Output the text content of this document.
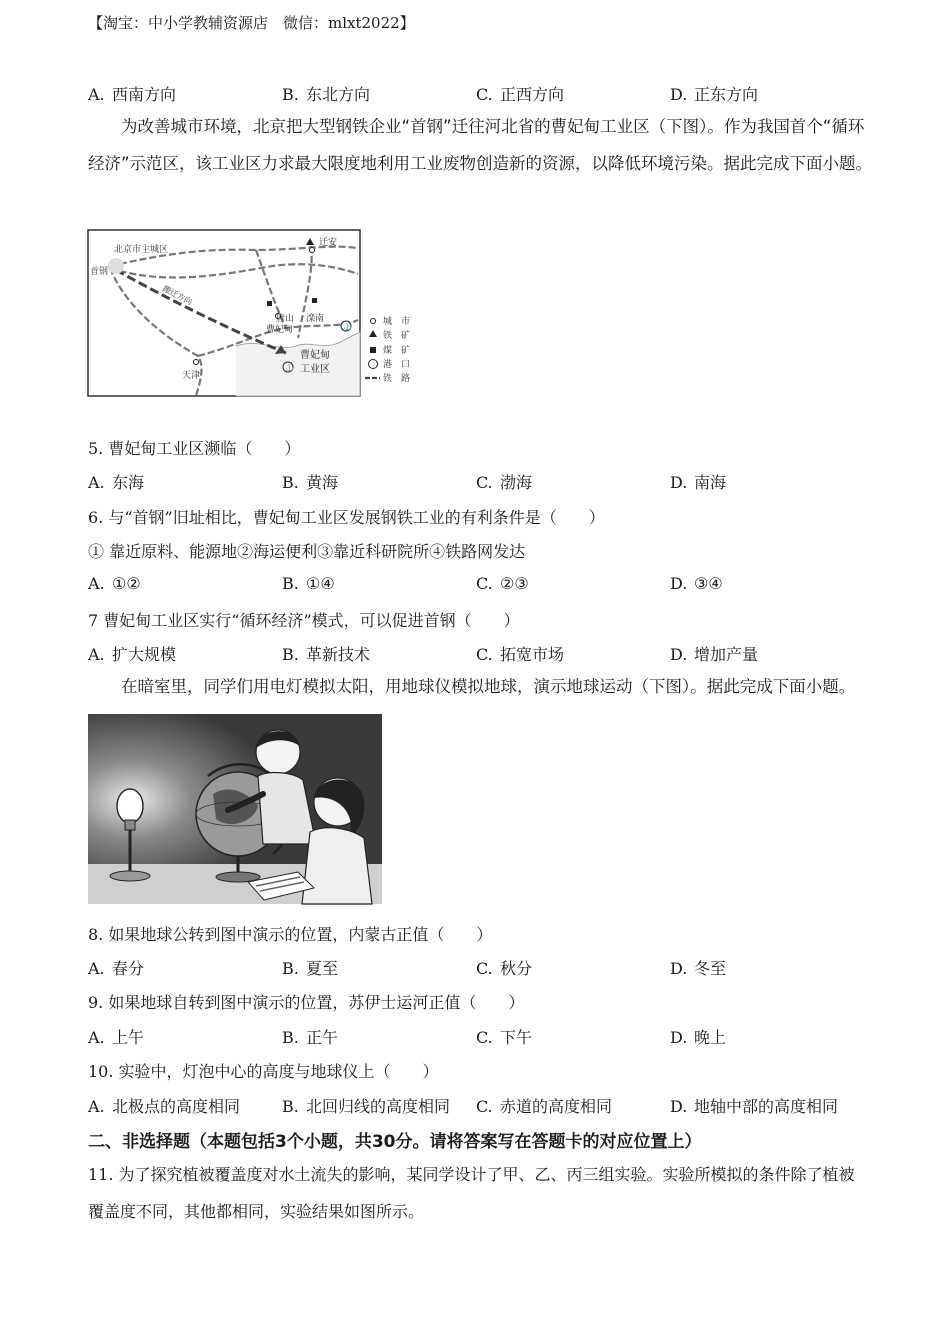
【淘宝：中小学教辅资源店　微信：mlxt2022】
A. 西南方向	B. 东北方向	C. 正西方向	D. 正东方向
为改善城市环境，北京把大型钢铁企业“首钢”迁往河北省的曹妃甸工业区（下图）。作为我国首个“循环经济”示范区，该工业区力求最大限度地利用工业废物创造新的资源，以降低环境污染。据此完成下面小题。
搬迁方向
北京市主城区
首钢
迁安
唐山 滦南
曹妃甸	⚓
天津
⚓
曹妃甸
工业区
城　市
铁　矿
煤　矿
港　口
铁　路
5. 曹妃甸工业区濒临（　　）
A. 东海	B. 黄海	C. 渤海	D. 南海
6. 与“首钢”旧址相比，曹妃甸工业区发展钢铁工业的有利条件是（　　）
① 靠近原料、能源地②海运便利③靠近科研院所④铁路网发达
A. ①②	B. ①④	C. ②③	D. ③④
7 曹妃甸工业区实行“循环经济”模式，可以促进首钢（　　）
A. 扩大规模	B. 革新技术	C. 拓宽市场	D. 增加产量
在暗室里，同学们用电灯模拟太阳，用地球仪模拟地球，演示地球运动（下图）。据此完成下面小题。
8. 如果地球公转到图中演示的位置，内蒙古正值（　　）
A. 春分	B. 夏至	C. 秋分	D. 冬至
9. 如果地球自转到图中演示的位置，苏伊士运河正值（　　）
A. 上午	B. 正午	C. 下午	D. 晚上
10. 实验中，灯泡中心的高度与地球仪上（　　）
A. 北极点的高度相同	B. 北回归线的高度相同 C. 赤道的高度相同	D. 地轴中部的高度相同
二、非选择题（本题包括3个小题，共30分。请将答案写在答题卡的对应位置上）
11. 为了探究植被覆盖度对水土流失的影响，某同学设计了甲、乙、丙三组实验。实验所模拟的条件除了植被覆盖度不同，其他都相同，实验结果如图所示。
